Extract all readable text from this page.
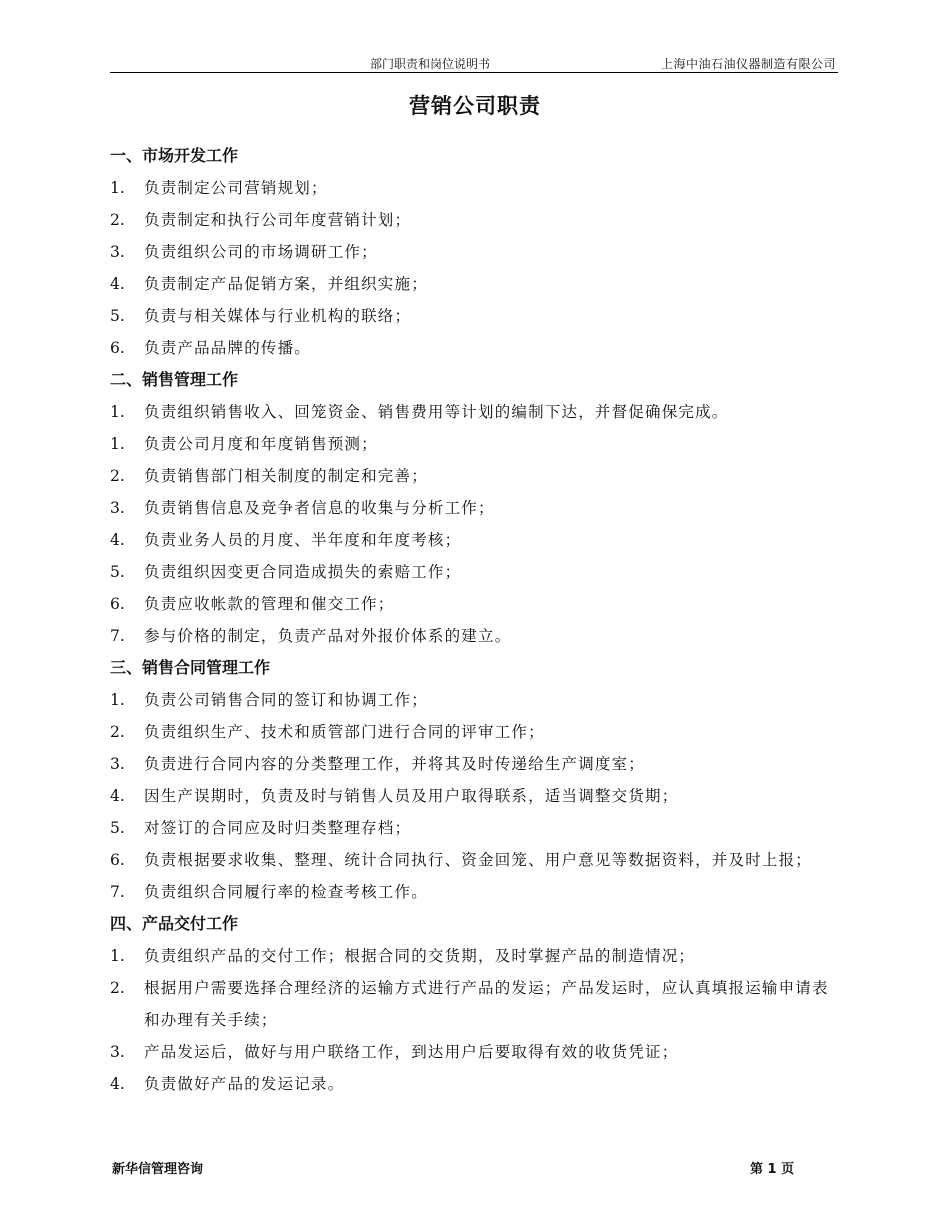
部门职责和岗位说明书	上海中油石油仪器制造有限公司
营销公司职责
一、市场开发工作
1.	负责制定公司营销规划；
2.	负责制定和执行公司年度营销计划；
3.	负责组织公司的市场调研工作；
4.	负责制定产品促销方案，并组织实施；
5.	负责与相关媒体与行业机构的联络；
6.	负责产品品牌的传播。
二、销售管理工作
1.	负责组织销售收入、回笼资金、销售费用等计划的编制下达，并督促确保完成。
1.	负责公司月度和年度销售预测；
2.	负责销售部门相关制度的制定和完善；
3.	负责销售信息及竞争者信息的收集与分析工作；
4.	负责业务人员的月度、半年度和年度考核；
5.	负责组织因变更合同造成损失的索赔工作；
6.	负责应收帐款的管理和催交工作；
7.	参与价格的制定，负责产品对外报价体系的建立。
三、销售合同管理工作
1.	负责公司销售合同的签订和协调工作；
2.	负责组织生产、技术和质管部门进行合同的评审工作；
3.	负责进行合同内容的分类整理工作，并将其及时传递给生产调度室；
4.	因生产误期时，负责及时与销售人员及用户取得联系，适当调整交货期；
5.	对签订的合同应及时归类整理存档；
6.	负责根据要求收集、整理、统计合同执行、资金回笼、用户意见等数据资料，并及时上报；
7.	负责组织合同履行率的检查考核工作。
四、产品交付工作
1.	负责组织产品的交付工作；根据合同的交货期，及时掌握产品的制造情况；
2.	根据用户需要选择合理经济的运输方式进行产品的发运；产品发运时，应认真填报运输申请表和办理有关手续；
3.	产品发运后，做好与用户联络工作，到达用户后要取得有效的收货凭证；
4.	负责做好产品的发运记录。
新华信管理咨询	第 1 页
